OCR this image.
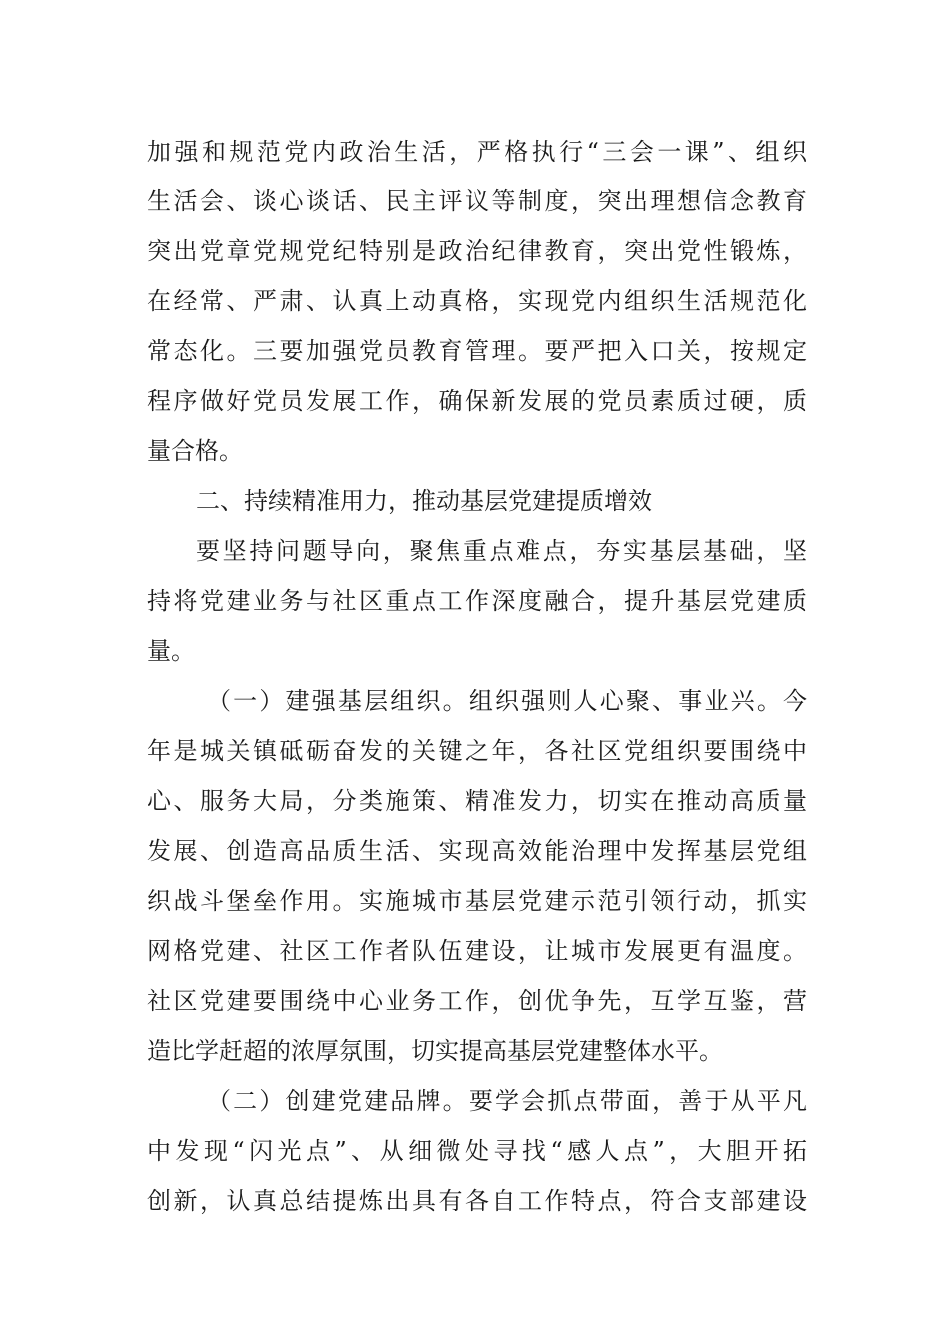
加强和规范党内政治生活，严格执行“三会一课”、组织
生活会、谈心谈话、民主评议等制度，突出理想信念教育
突出党章党规党纪特别是政治纪律教育，突出党性锻炼，
在经常、严肃、认真上动真格，实现党内组织生活规范化
常态化。三要加强党员教育管理。要严把入口关，按规定
程序做好党员发展工作，确保新发展的党员素质过硬，质
量合格。
二、持续精准用力，推动基层党建提质增效
要坚持问题导向，聚焦重点难点，夯实基层基础，坚
持将党建业务与社区重点工作深度融合，提升基层党建质
量。
（一）建强基层组织。组织强则人心聚、事业兴。今
年是城关镇砥砺奋发的关键之年，各社区党组织要围绕中
心、服务大局，分类施策、精准发力，切实在推动高质量
发展、创造高品质生活、实现高效能治理中发挥基层党组
织战斗堡垒作用。实施城市基层党建示范引领行动，抓实
网格党建、社区工作者队伍建设，让城市发展更有温度。
社区党建要围绕中心业务工作，创优争先，互学互鉴，营
造比学赶超的浓厚氛围，切实提高基层党建整体水平。
（二）创建党建品牌。要学会抓点带面，善于从平凡
中发现“闪光点”、从细微处寻找“感人点”，大胆开拓
创新，认真总结提炼出具有各自工作特点，符合支部建设
